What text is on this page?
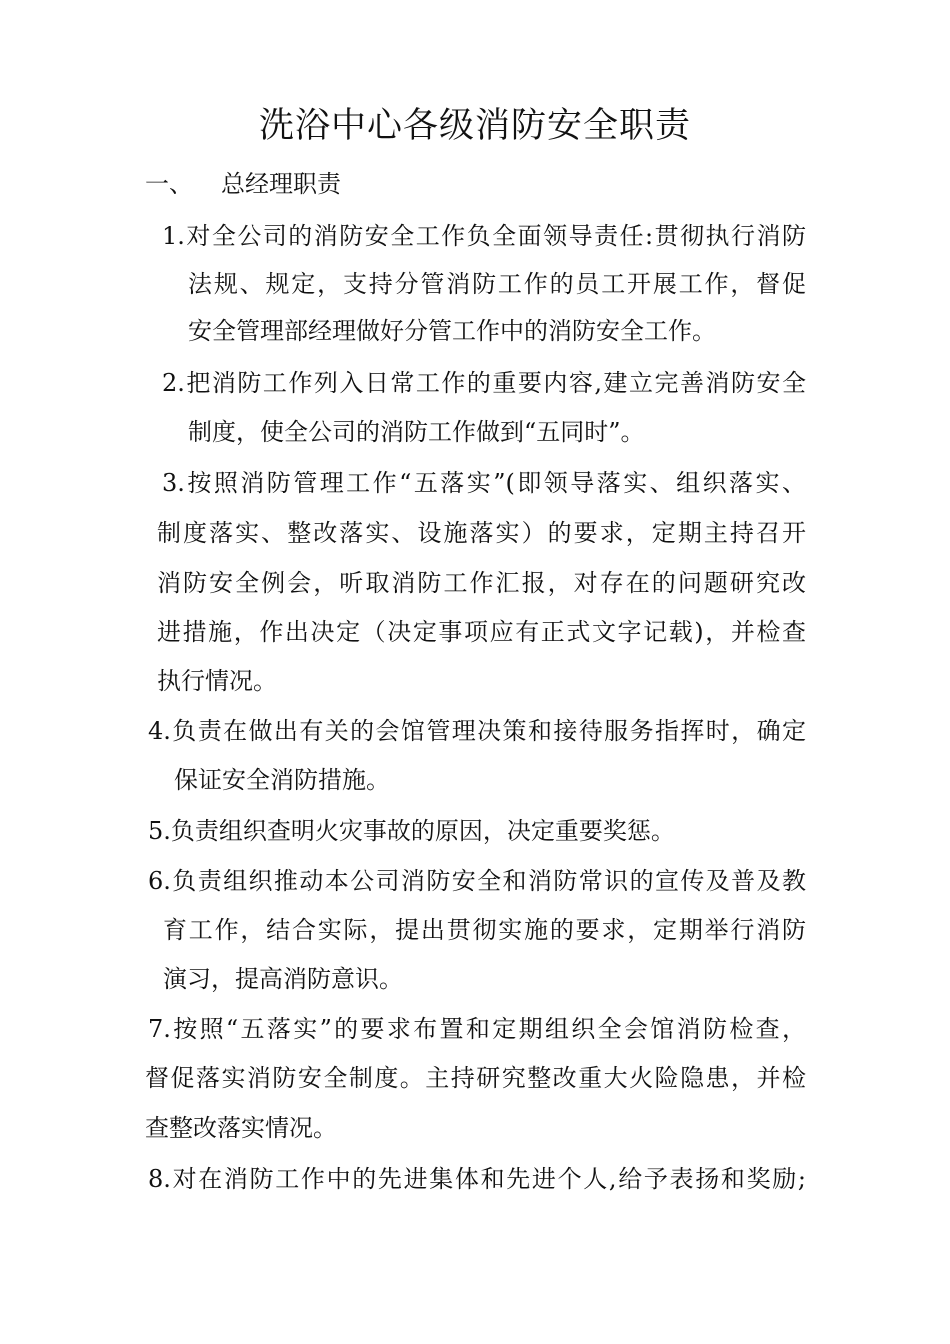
洗浴中心各级消防安全职责
一、 总经理职责
1.对全公司的消防安全工作负全面领导责任:贯彻执行消防
法规、规定，支持分管消防工作的员工开展工作，督促
安全管理部经理做好分管工作中的消防安全工作。
2.把消防工作列入日常工作的重要内容,建立完善消防安全
制度，使全公司的消防工作做到“五同时”。
3.按照消防管理工作“五落实”(即领导落实、组织落实、
制度落实、整改落实、设施落实）的要求，定期主持召开
消防安全例会，听取消防工作汇报，对存在的问题研究改
进措施，作出决定（决定事项应有正式文字记载)，并检查
执行情况。
4.负责在做出有关的会馆管理决策和接待服务指挥时，确定
保证安全消防措施。
5.负责组织查明火灾事故的原因，决定重要奖惩。
6.负责组织推动本公司消防安全和消防常识的宣传及普及教
育工作，结合实际，提出贯彻实施的要求，定期举行消防
演习，提高消防意识。
7.按照“五落实”的要求布置和定期组织全会馆消防检查，
督促落实消防安全制度。主持研究整改重大火险隐患，并检
查整改落实情况。
8.对在消防工作中的先进集体和先进个人,给予表扬和奖励;
